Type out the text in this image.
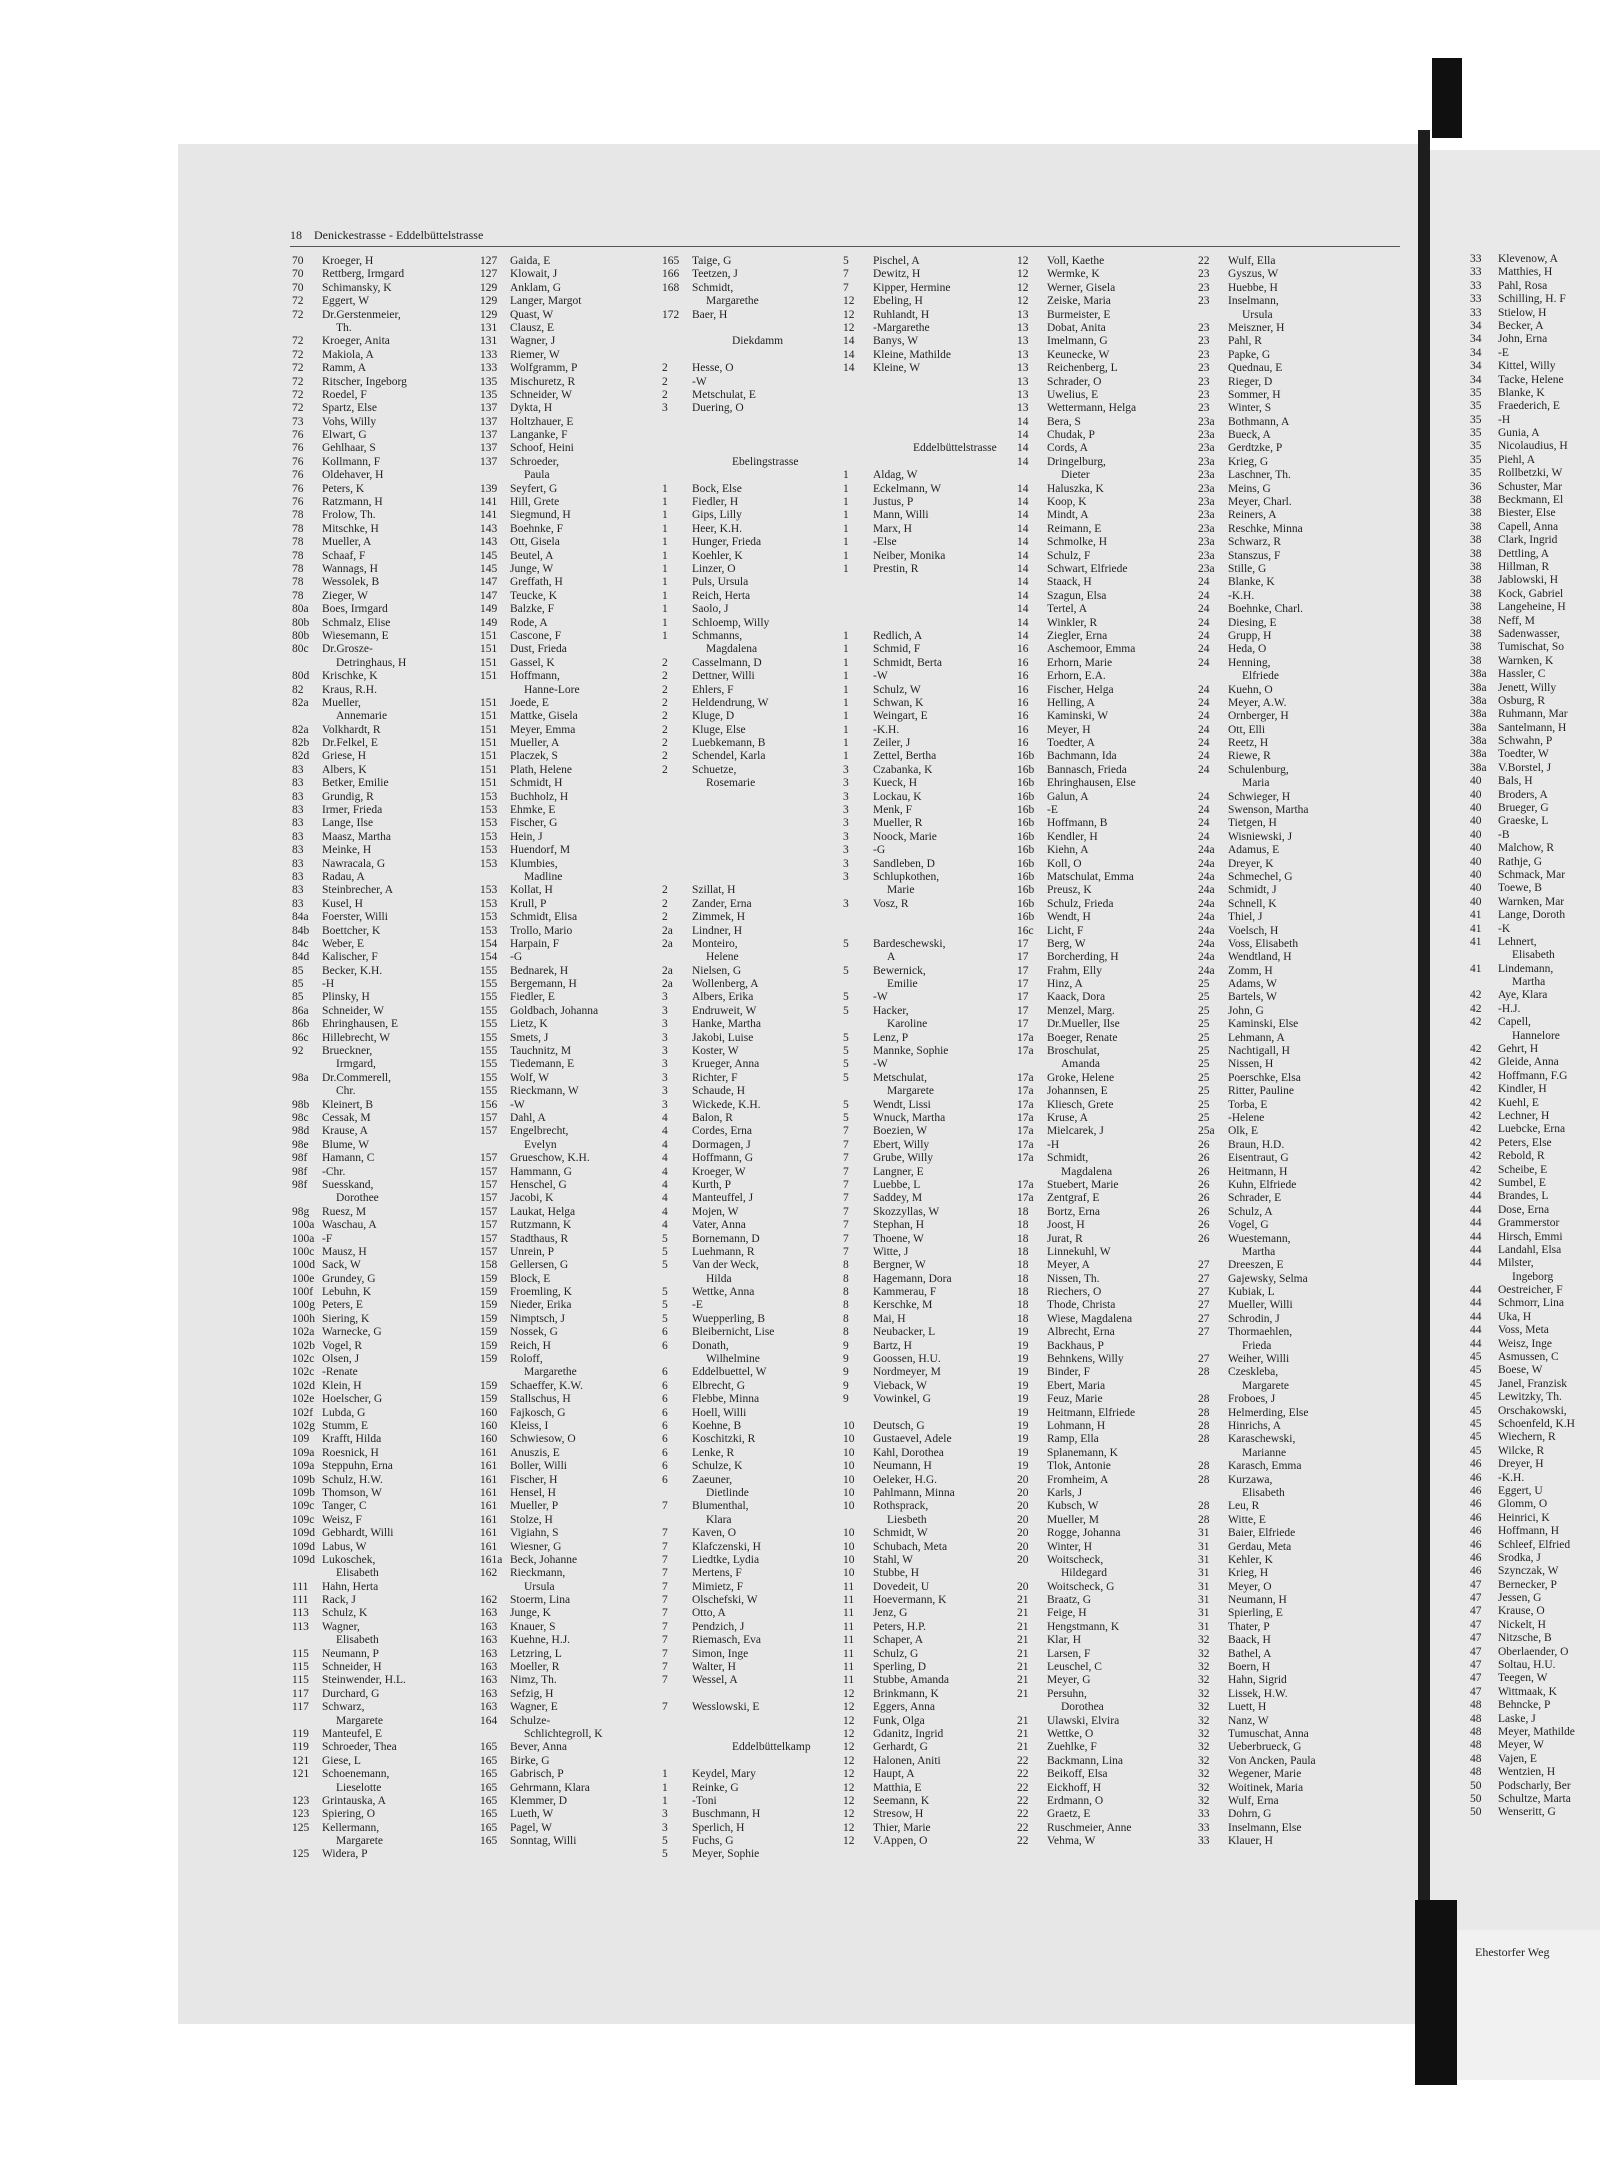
18 Denickestrasse - Eddelbüttelstrasse
70	Kroeger, H
70	Rettberg, Irmgard
70	Schimansky, K
72	Eggert, W
72	Dr.Gerstenmeier,
Th.
72	Kroeger, Anita
72	Makiola, A
72	Ramm, A
72	Ritscher, Ingeborg
72	Roedel, F
72	Spartz, Else
73	Vohs, Willy
76	Elwart, G
76	Gehlhaar, S
76	Kollmann, F
76	Oldehaver, H
76	Peters, K
76	Ratzmann, H
78	Frolow, Th.
78	Mitschke, H
78	Mueller, A
78	Schaaf, F
78	Wannags, H
78	Wessolek, B
78	Zieger, W
80a	Boes, Irmgard
80b	Schmalz, Elise
80b	Wiesemann, E
80c	Dr.Grosze-
Detringhaus, H
80d	Krischke, K
82	Kraus, R.H.
82a	Mueller,
Annemarie
82a	Volkhardt, R
82b	Dr.Felkel, E
82d	Griese, H
83	Albers, K
83	Betker, Emilie
83	Grundig, R
83	Irmer, Frieda
83	Lange, Ilse
83	Maasz, Martha
83	Meinke, H
83	Nawracala, G
83	Radau, A
83	Steinbrecher, A
83	Kusel, H
84a	Foerster, Willi
84b	Boettcher, K
84c	Weber, E
84d	Kalischer, F
85	Becker, K.H.
85	-H
85	Plinsky, H
86a	Schneider, W
86b	Ehringhausen, E
86c	Hillebrecht, W
92	Brueckner,
Irmgard,
98a	Dr.Commerell,
Chr.
98b	Kleinert, B
98c	Cessak, M
98d	Krause, A
98e	Blume, W
98f	Hamann, C
98f	-Chr.
98f	Suesskand,
Dorothee
98g	Ruesz, M
100a Waschau, A
100a -F
100c Mausz, H
100d Sack, W
100e Grundey, G
100f Lebuhn, K
100g Peters, E
100h Siering, K
102a Warnecke, G
102b Vogel, R
102c Olsen, J
102c -Renate
102d Klein, H
102e Hoelscher, G
102f Lubda, G
102g Stumm, E
109	Krafft, Hilda
109a Roesnick, H
109a Steppuhn, Erna
109b Schulz, H.W.
109b Thomson, W
109c Tanger, C
109c Weisz, F
109d Gebhardt, Willi
109d Labus, W
109d Lukoschek,
Elisabeth
111	Hahn, Herta
111	Rack, J
113	Schulz, K
113	Wagner,
Elisabeth
115	Neumann, P
115	Schneider, H
115	Steinwender, H.L.
117	Durchard, G
117	Schwarz,
Margarete
119	Manteufel, E
119	Schroeder, Thea
121	Giese, L
121	Schoenemann,
Lieselotte
123	Grintauska, A
123	Spiering, O
125	Kellermann,
Margarete
125	Widera, P
127	Gaida, E
127	Klowait, J
129	Anklam, G
129	Langer, Margot
129	Quast, W
131	Clausz, E
131	Wagner, J
133	Riemer, W
133	Wolfgramm, P
135	Mischuretz, R
135	Schneider, W
137	Dykta, H
137	Holtzhauer, E
137	Langanke, F
137	Schoof, Heini
137	Schroeder,
Paula
139	Seyfert, G
141	Hill, Grete
141	Siegmund, H
143	Boehnke, F
143	Ott, Gisela
145	Beutel, A
145	Junge, W
147	Greffath, H
147	Teucke, K
149	Balzke, F
149	Rode, A
151	Cascone, F
151	Dust, Frieda
151	Gassel, K
151	Hoffmann,
Hanne-Lore
151	Joede, E
151	Mattke, Gisela
151	Meyer, Emma
151	Mueller, A
151	Placzek, S
151	Plath, Helene
151	Schmidt, H
153	Buchholz, H
153	Ehmke, E
153	Fischer, G
153	Hein, J
153	Huendorf, M
153	Klumbies,
Madline
153	Kollat, H
153	Krull, P
153	Schmidt, Elisa
153	Trollo, Mario
154	Harpain, F
154	-G
155	Bednarek, H
155	Bergemann, H
155	Fiedler, E
155	Goldbach, Johanna
155	Lietz, K
155	Smets, J
155	Tauchnitz, M
155	Tiedemann, E
155	Wolf, W
155	Rieckmann, W
156	-W
157	Dahl, A
157	Engelbrecht,
Evelyn
157	Grueschow, K.H.
157	Hammann, G
157	Henschel, G
157	Jacobi, K
157	Laukat, Helga
157	Rutzmann, K
157	Stadthaus, R
157	Unrein, P
158	Gellersen, G
159	Block, E
159	Froemling, K
159	Nieder, Erika
159	Nimptsch, J
159	Nossek, G
159	Reich, H
159	Roloff,
Margarethe
159	Schaeffer, K.W.
159	Stallschus, H
160	Fajkosch, G
160	Kleiss, I
160	Schwiesow, O
161	Anuszis, E
161	Boller, Willi
161	Fischer, H
161	Hensel, H
161	Mueller, P
161	Stolze, H
161	Vigiahn, S
161	Wiesner, G
161a Beck, Johanne
162	Rieckmann,
Ursula
162	Stoerm, Lina
163	Junge, K
163	Knauer, S
163	Kuehne, H.J.
163	Letzring, L
163	Moeller, R
163	Nimz, Th.
163	Sefzig, H
163	Wagner, E
164	Schulze-
Schlichtegroll, K
165	Bever, Anna
165	Birke, G
165	Gabrisch, P
165	Gehrmann, Klara
165	Klemmer, D
165	Lueth, W
165	Pagel, W
165	Sonntag, Willi
165	Taige, G
166	Teetzen, J
168	Schmidt,
Margarethe
172	Baer, H
Diekdamm
2	Hesse, O
2	-W
2	Metschulat, E
3	Duering, O
Ebelingstrasse
1	Bock, Else
1	Fiedler, H
1	Gips, Lilly
1	Heer, K.H.
1	Hunger, Frieda
1	Koehler, K
1	Linzer, O
1	Puls, Ursula
1	Reich, Herta
1	Saolo, J
1	Schloemp, Willy
1	Schmanns,
Magdalena
2	Casselmann, D
2	Dettner, Willi
2	Ehlers, F
2	Heldendrung, W
2	Kluge, D
2	Kluge, Else
2	Luebkemann, B
2	Schendel, Karla
2	Schuetze,
Rosemarie
2	Szillat, H
2	Zander, Erna
2	Zimmek, H
2a	Lindner, H
2a	Monteiro,
Helene
2a	Nielsen, G
2a	Wollenberg, A
3	Albers, Erika
3	Endruweit, W
3	Hanke, Martha
3	Jakobi, Luise
3	Koster, W
3	Krueger, Anna
3	Richter, F
3	Schaude, H
3	Wickede, K.H.
4	Balon, R
4	Cordes, Erna
4	Dormagen, J
4	Hoffmann, G
4	Kroeger, W
4	Kurth, P
4	Manteuffel, J
4	Mojen, W
4	Vater, Anna
5	Bornemann, D
5	Luehmann, R
5	Van der Weck,
Hilda
5	Wettke, Anna
5	-E
5	Wuepperling, B
6	Bleibernicht, Lise
6	Donath,
Wilhelmine
6	Eddelbuettel, W
6	Elbrecht, G
6	Flebbe, Minna
6	Hoell, Willi
6	Koehne, B
6	Koschitzki, R
6	Lenke, R
6	Schulze, K
6	Zaeuner,
Dietlinde
7	Blumenthal,
Klara
7	Kaven, O
7	Klafczenski, H
7	Liedtke, Lydia
7	Mertens, F
7	Mimietz, F
7	Olschefski, W
7	Otto, A
7	Pendzich, J
7	Riemasch, Eva
7	Simon, Inge
7	Walter, H
7	Wessel, A
7	Wesslowski, E
Eddelbüttelkamp
1	Keydel, Mary
1	Reinke, G
1	-Toni
3	Buschmann, H
3	Sperlich, H
5	Fuchs, G
5	Meyer, Sophie
5	Pischel, A
7	Dewitz, H
7	Kipper, Hermine
12	Ebeling, H
12	Ruhlandt, H
12	-Margarethe
14	Banys, W
14	Kleine, Mathilde
14	Kleine, W
Eddelbüttelstrasse
1	Aldag, W
1	Eckelmann, W
1	Justus, P
1	Mann, Willi
1	Marx, H
1	-Else
1	Neiber, Monika
1	Prestin, R
1	Redlich, A
1	Schmid, F
1	Schmidt, Berta
1	-W
1	Schulz, W
1	Schwan, K
1	Weingart, E
1	-K.H.
1	Zeiler, J
1	Zettel, Bertha
3	Czabanka, K
3	Kueck, H
3	Lockau, K
3	Menk, F
3	Mueller, R
3	Noock, Marie
3	-G
3	Sandleben, D
3	Schlupkothen,
Marie
3	Vosz, R
5	Bardeschewski,
A
5	Bewernick,
Emilie
5	-W
5	Hacker,
Karoline
5	Lenz, P
5	Mannke, Sophie
5	-W
5	Metschulat,
Margarete
5	Wendt, Lissi
5	Wnuck, Martha
7	Boezien, W
7	Ebert, Willy
7	Grube, Willy
7	Langner, E
7	Luebbe, L
7	Saddey, M
7	Skozzyllas, W
7	Stephan, H
7	Thoene, W
7	Witte, J
8	Bergner, W
8	Hagemann, Dora
8	Kammerau, F
8	Kerschke, M
8	Mai, H
8	Neubacker, L
9	Bartz, H
9	Goossen, H.U.
9	Nordmeyer, M
9	Vieback, W
9	Vowinkel, G
10	Deutsch, G
10	Gustaevel, Adele
10	Kahl, Dorothea
10	Neumann, H
10	Oeleker, H.G.
10	Pahlmann, Minna
10	Rothsprack,
Liesbeth
10	Schmidt, W
10	Schubach, Meta
10	Stahl, W
10	Stubbe, H
11	Dovedeit, U
11	Hoevermann, K
11	Jenz, G
11	Peters, H.P.
11	Schaper, A
11	Schulz, G
11	Sperling, D
11	Stubbe, Amanda
12	Brinkmann, K
12	Eggers, Anna
12	Funk, Olga
12	Gdanitz, Ingrid
12	Gerhardt, G
12	Halonen, Aniti
12	Haupt, A
12	Matthia, E
12	Seemann, K
12	Stresow, H
12	Thier, Marie
12	V.Appen, O
12	Voll, Kaethe
12	Wermke, K
12	Werner, Gisela
12	Zeiske, Maria
13	Burmeister, E
13	Dobat, Anita
13	Imelmann, G
13	Keunecke, W
13	Reichenberg, L
13	Schrader, O
13	Uwelius, E
13	Wettermann, Helga
14	Bera, S
14	Chudak, P
14	Cords, A
14	Dringelburg,
Dieter
14	Haluszka, K
14	Koop, K
14	Mindt, A
14	Reimann, E
14	Schmolke, H
14	Schulz, F
14	Schwart, Elfriede
14	Staack, H
14	Szagun, Elsa
14	Tertel, A
14	Winkler, R
14	Ziegler, Erna
16	Aschemoor, Emma
16	Erhorn, Marie
16	Erhorn, E.A.
16	Fischer, Helga
16	Helling, A
16	Kaminski, W
16	Meyer, H
16	Toedter, A
16b	Bachmann, Ida
16b	Bannasch, Frieda
16b	Ehringhausen, Else
16b	Galun, A
16b	-E
16b	Hoffmann, B
16b	Kendler, H
16b	Kiehn, A
16b	Koll, O
16b	Matschulat, Emma
16b	Preusz, K
16b	Schulz, Frieda
16b	Wendt, H
16c	Licht, F
17	Berg, W
17	Borcherding, H
17	Frahm, Elly
17	Hinz, A
17	Kaack, Dora
17	Menzel, Marg.
17	Dr.Mueller, Ilse
17a	Boeger, Renate
17a	Broschulat,
Amanda
17a	Groke, Helene
17a	Johannsen, E
17a	Kliesch, Grete
17a	Kruse, A
17a	Mielcarek, J
17a	-H
17a	Schmidt,
Magdalena
17a	Stuebert, Marie
17a	Zentgraf, E
18	Bortz, Erna
18	Joost, H
18	Jurat, R
18	Linnekuhl, W
18	Meyer, A
18	Nissen, Th.
18	Riechers, O
18	Thode, Christa
18	Wiese, Magdalena
19	Albrecht, Erna
19	Backhaus, P
19	Behnkens, Willy
19	Binder, F
19	Ebert, Maria
19	Feuz, Marie
19	Heitmann, Elfriede
19	Lohmann, H
19	Ramp, Ella
19	Splanemann, K
19	Tlok, Antonie
20	Fromheim, A
20	Karls, J
20	Kubsch, W
20	Mueller, M
20	Rogge, Johanna
20	Winter, H
20	Woitscheck,
Hildegard
20	Woitscheck, G
21	Braatz, G
21	Feige, H
21	Hengstmann, K
21	Klar, H
21	Larsen, F
21	Leuschel, C
21	Meyer, G
21	Persuhn,
Dorothea
21	Ulawski, Elvira
21	Wettke, O
21	Zuehlke, F
22	Backmann, Lina
22	Beikoff, Elsa
22	Eickhoff, H
22	Erdmann, O
22	Graetz, E
22	Ruschmeier, Anne
22	Vehma, W
22	Wulf, Ella
23	Gyszus, W
23	Huebbe, H
23	Inselmann,
Ursula
23	Meiszner, H
23	Pahl, R
23	Papke, G
23	Quednau, E
23	Rieger, D
23	Sommer, H
23	Winter, S
23a	Bothmann, A
23a	Bueck, A
23a	Gerdtzke, P
23a	Krieg, G
23a	Laschner, Th.
23a	Meins, G
23a	Meyer, Charl.
23a	Reiners, A
23a	Reschke, Minna
23a	Schwarz, R
23a	Stanszus, F
23a	Stille, G
24	Blanke, K
24	-K.H.
24	Boehnke, Charl.
24	Diesing, E
24	Grupp, H
24	Heda, O
24	Henning,
Elfriede
24	Kuehn, O
24	Meyer, A.W.
24	Ornberger, H
24	Ott, Elli
24	Reetz, H
24	Riewe, R
24	Schulenburg,
Maria
24	Schwieger, H
24	Swenson, Martha
24	Tietgen, H
24	Wisniewski, J
24a	Adamus, E
24a	Dreyer, K
24a	Schmechel, G
24a	Schmidt, J
24a	Schnell, K
24a	Thiel, J
24a	Voelsch, H
24a	Voss, Elisabeth
24a	Wendtland, H
24a	Zomm, H
25	Adams, W
25	Bartels, W
25	John, G
25	Kaminski, Else
25	Lehmann, A
25	Nachtigall, H
25	Nissen, H
25	Poerschke, Elsa
25	Ritter, Pauline
25	Torba, E
25	-Helene
25a	Olk, E
26	Braun, H.D.
26	Eisentraut, G
26	Heitmann, H
26	Kuhn, Elfriede
26	Schrader, E
26	Schulz, A
26	Vogel, G
26	Wuestemann,
Martha
27	Dreeszen, E
27	Gajewsky, Selma
27	Kubiak, L
27	Mueller, Willi
27	Schrodin, J
27	Thormaehlen,
Frieda
27	Weiher, Willi
28	Czeskleba,
Margarete
28	Froboes, J
28	Helmerding, Else
28	Hinrichs, A
28	Karaschewski,
Marianne
28	Karasch, Emma
28	Kurzawa,
Elisabeth
28	Leu, R
28	Witte, E
31	Baier, Elfriede
31	Gerdau, Meta
31	Kehler, K
31	Krieg, H
31	Meyer, O
31	Neumann, H
31	Spierling, E
31	Thater, P
32	Baack, H
32	Bathel, A
32	Boern, H
32	Hahn, Sigrid
32	Lissek, H.W.
32	Luett, H
32	Nanz, W
32	Tumuschat, Anna
32	Ueberbrueck, G
32	Von Ancken, Paula
32	Wegener, Marie
32	Woitinek, Maria
32	Wulf, Erna
33	Dohrn, G
33	Inselmann, Else
33	Klauer, H
33	Klevenow, A
33	Matthies, H
33	Pahl, Rosa
33	Schilling, H. F
33	Stielow, H
34	Becker, A
34	John, Erna
34	-E
34	Kittel, Willy
34	Tacke, Helene
35	Blanke, K
35	Fraederich, E
35	-H
35	Gunia, A
35	Nicolaudius, H
35	Piehl, A
35	Rollbetzki, W
36	Schuster, Mar
38	Beckmann, El
38	Biester, Else
38	Capell, Anna
38	Clark, Ingrid
38	Dettling, A
38	Hillman, R
38	Jablowski, H
38	Kock, Gabriel
38	Langeheine, H
38	Neff, M
38	Sadenwasser,
38	Tumischat, So
38	Warnken, K
38a Hassler, C
38a Jenett, Willy
38a Osburg, R
38a Ruhmann, Mar
38a Santelmann, H
38a Schwahn, P
38a Toedter, W
38a V.Borstel, J
40	Bals, H
40	Broders, A
40	Brueger, G
40	Graeske, L
40	-B
40	Malchow, R
40	Rathje, G
40	Schmack, Mar
40	Toewe, B
40	Warnken, Mar
41	Lange, Doroth
41	-K
41	Lehnert,
Elisabeth
41	Lindemann,
Martha
42	Aye, Klara
42	-H.J.
42	Capell,
Hannelore
42	Gehrt, H
42	Gleide, Anna
42	Hoffmann, F.G
42	Kindler, H
42	Kuehl, E
42	Lechner, H
42	Luebcke, Erna
42	Peters, Else
42	Rebold, R
42	Scheibe, E
42	Sumbel, E
44	Brandes, L
44	Dose, Erna
44	Grammerstor
44	Hirsch, Emmi
44	Landahl, Elsa
44	Milster,
Ingeborg
44	Oestreicher, F
44	Schmorr, Lina
44	Uka, H
44	Voss, Meta
44	Weisz, Inge
45	Asmussen, C
45	Boese, W
45	Janel, Franzisk
45	Lewitzky, Th.
45	Orschakowski,
45	Schoenfeld, K.H
45	Wiechern, R
45	Wilcke, R
46	Dreyer, H
46	-K.H.
46	Eggert, U
46	Glomm, O
46	Heinrici, K
46	Hoffmann, H
46	Schleef, Elfried
46	Srodka, J
46	Szynczak, W
47	Bernecker, P
47	Jessen, G
47	Krause, O
47	Nickelt, H
47	Nitzsche, B
47	Oberlaender, O
47	Soltau, H.U.
47	Teegen, W
47	Wittmaak, K
48	Behncke, P
48	Laske, J
48	Meyer, Mathilde
48	Meyer, W
48	Vajen, E
48	Wentzien, H
50	Podscharly, Ber
50	Schultze, Marta
50	Wenseritt, G
Ehestorfer Weg
